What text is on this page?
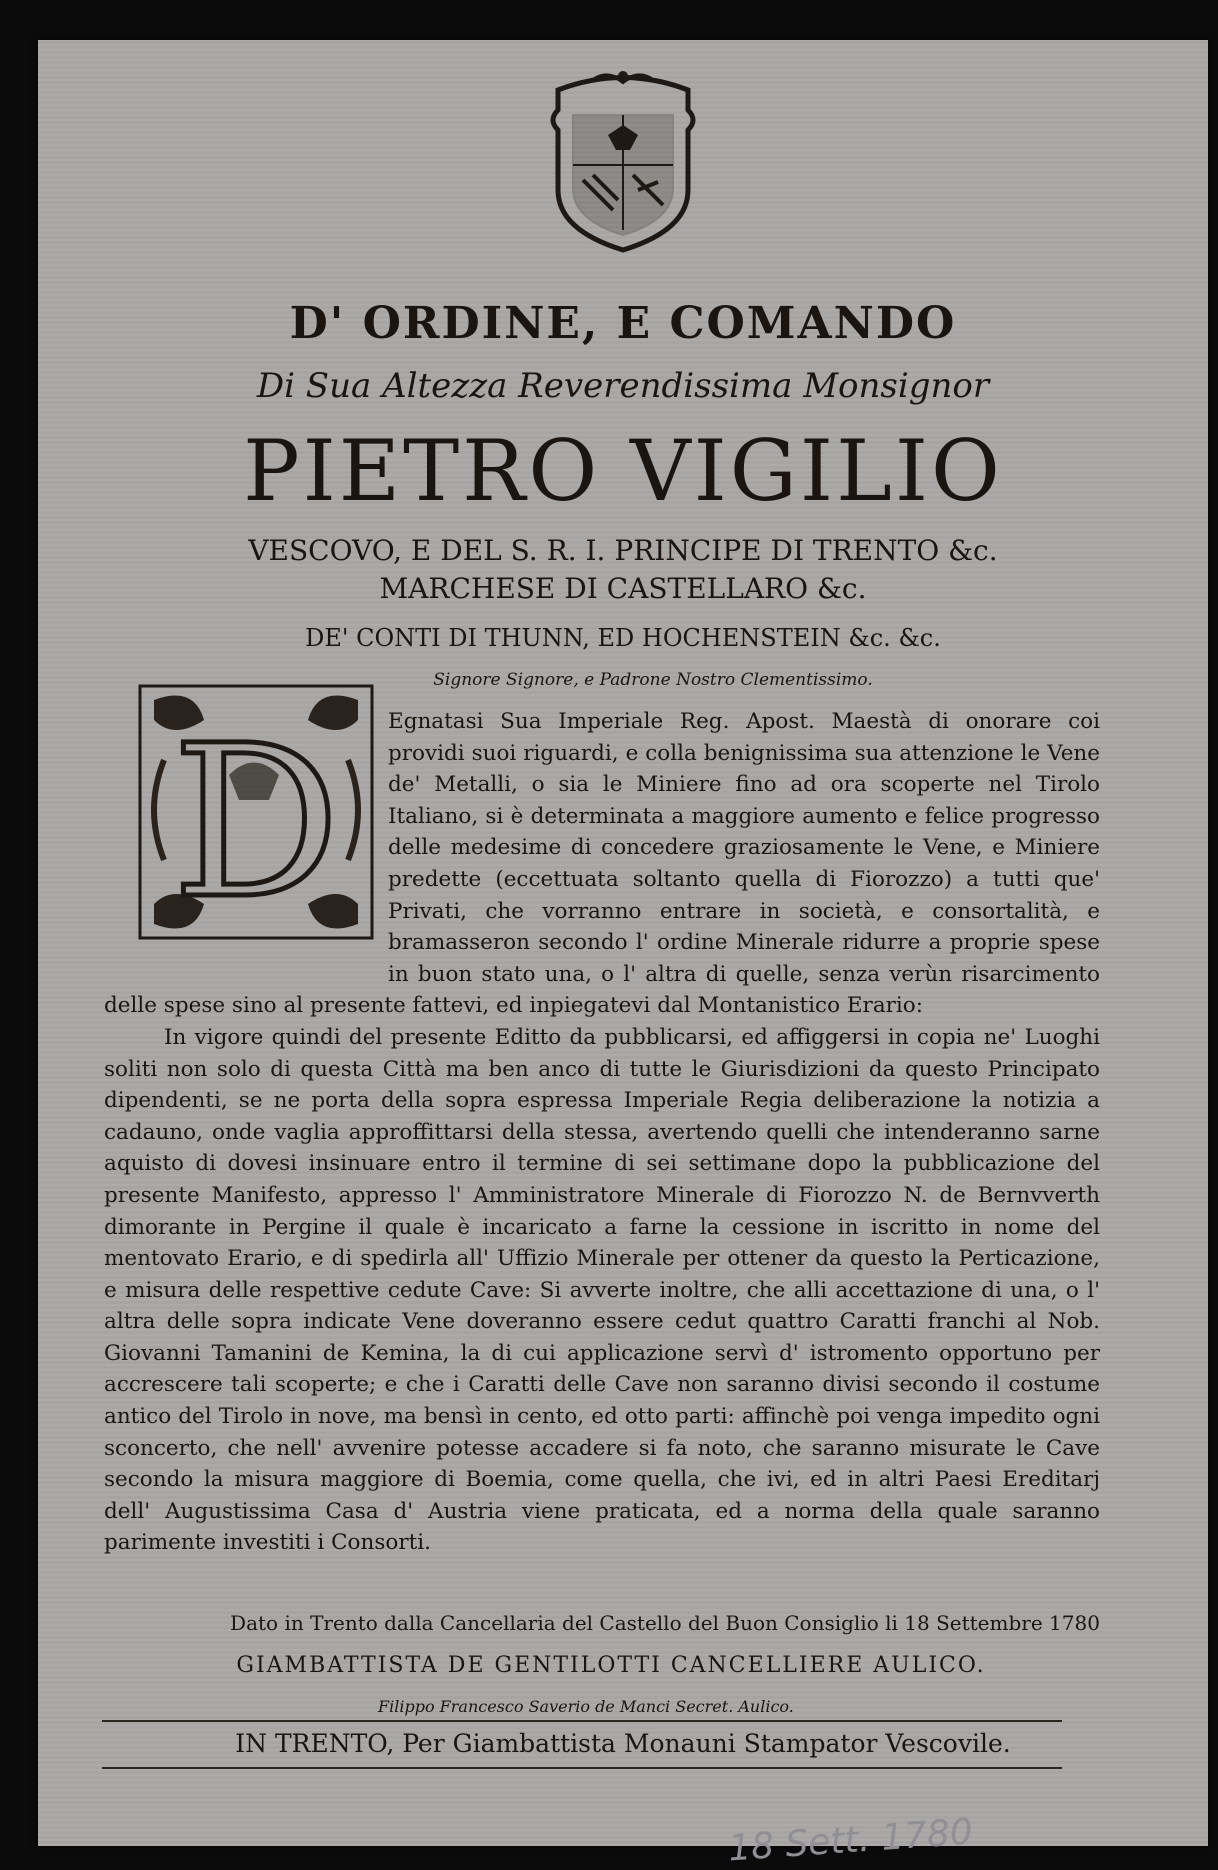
D' ORDINE, E COMANDO
Di Sua Altezza Reverendissima Monsignor
PIETRO VIGILIO
VESCOVO, E DEL S. R. I. PRINCIPE DI TRENTO &c.
MARCHESE DI CASTELLARO &c.
DE' CONTI DI THUNN, ED HOCHENSTEIN &c. &c.
Signore Signore, e Padrone Nostro Clementissimo.
D	Egnatasi Sua Imperiale Reg. Apost. Maestà di onorare coi providi suoi riguardi, e colla benignissima sua attenzione le Vene de' Metalli, o sia le Miniere fino ad ora scoperte nel Tirolo Italiano, si è determinata a maggiore aumento e felice progresso delle medesime di concedere graziosamente le Vene, e Miniere predette (eccettuata soltanto quella di Fiorozzo) a tutti que' Privati, che vorranno entrare in società, e consortalità, e bramasseron secondo l' ordine Minerale ridurre a proprie spese in buon stato una, o l' altra di quelle, senza verùn risarcimento delle spese sino al presente fattevi, ed inpiegatevi dal Montanistico Erario:

In vigore quindi del presente Editto da pubblicarsi, ed affiggersi in copia ne' Luoghi soliti non solo di questa Città ma ben anco di tutte le Giurisdizioni da questo Principato dipendenti, se ne porta della sopra espressa Imperiale Regia deliberazione la notizia a cadauno, onde vaglia approffittarsi della stessa, avertendo quelli che intenderanno sarne aquisto di dovesi insinuare entro il termine di sei settimane dopo la pubblicazione del presente Manifesto, appresso l' Amministratore Minerale di Fiorozzo N. de Bernvverth dimorante in Pergine il quale è incaricato a farne la cessione in iscritto in nome del mentovato Erario, e di spedirla all' Uffizio Minerale per ottener da questo la Perticazione, e misura delle respettive cedute Cave: Si avverte inoltre, che alli accettazione di una, o l' altra delle sopra indicate Vene doveranno essere cedut quattro Caratti franchi al Nob. Giovanni Tamanini de Kemina, la di cui applicazione servì d' istromento opportuno per accrescere tali scoperte; e che i Caratti delle Cave non saranno divisi secondo il costume antico del Tirolo in nove, ma bensì in cento, ed otto parti: affinchè poi venga impedito ogni sconcerto, che nell' avvenire potesse accadere si fa noto, che saranno misurate le Cave secondo la misura maggiore di Boemia, come quella, che ivi, ed in altri Paesi Ereditarj dell' Augustissima Casa d' Austria viene praticata, ed a norma della quale saranno parimente investiti i Consorti.

Dato in Trento dalla Cancellaria del Castello del Buon Consiglio li 18 Settembre 1780
GIAMBATTISTA DE GENTILOTTI CANCELLIERE AULICO.
Filippo Francesco Saverio de Manci Secret. Aulico.
IN TRENTO, Per Giambattista Monauni Stampator Vescovile.
18 Sett. 1780
